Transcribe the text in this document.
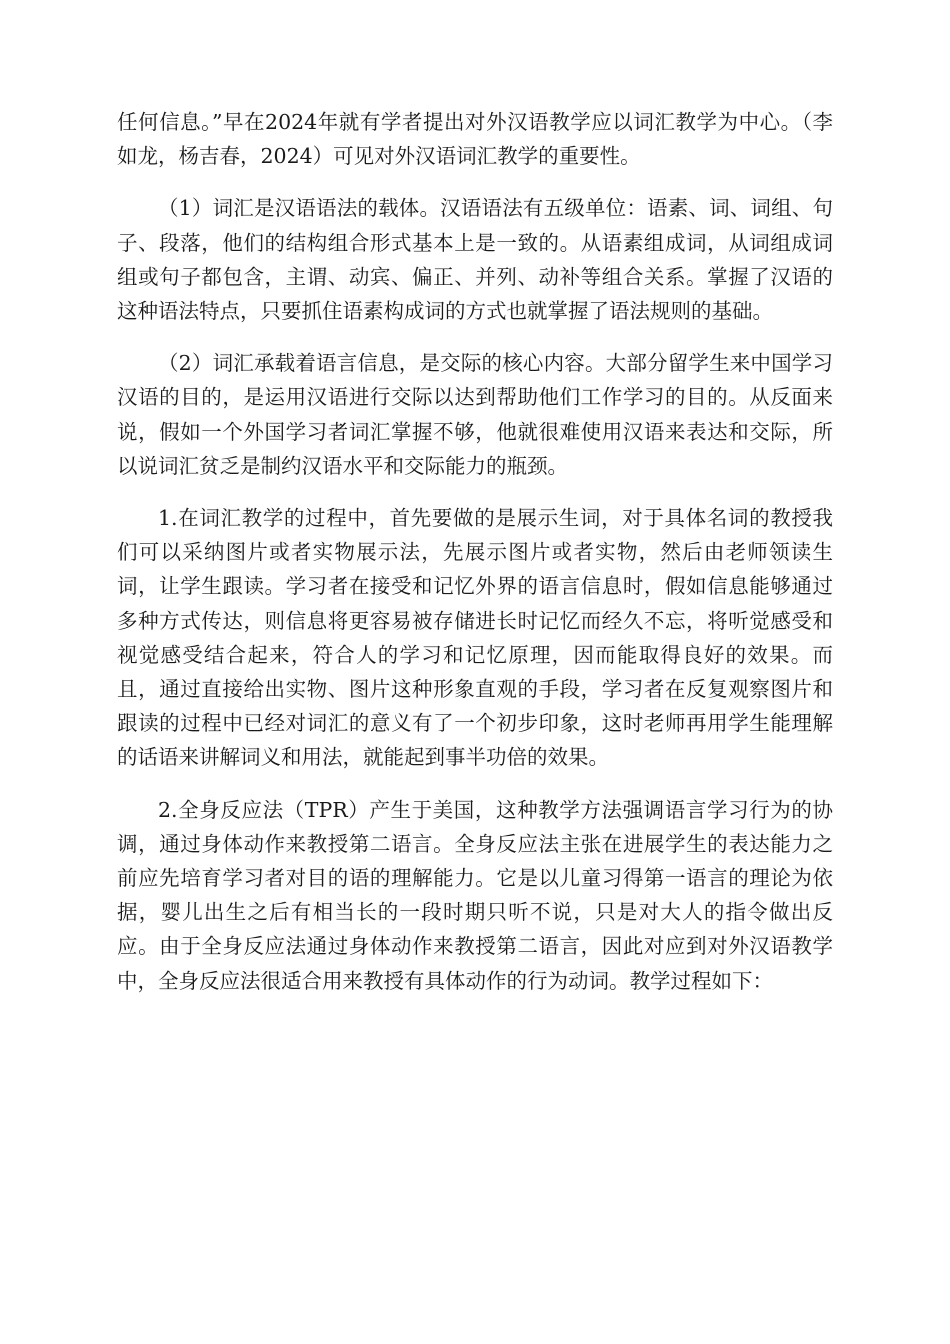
任何信息。”早在2024年就有学者提出对外汉语教学应以词汇教学为中心。（李如龙，杨吉春，2024）可见对外汉语词汇教学的重要性。

（1）词汇是汉语语法的载体。汉语语法有五级单位：语素、词、词组、句子、段落，他们的结构组合形式基本上是一致的。从语素组成词，从词组成词组或句子都包含，主谓、动宾、偏正、并列、动补等组合关系。掌握了汉语的这种语法特点，只要抓住语素构成词的方式也就掌握了语法规则的基础。

（2）词汇承载着语言信息，是交际的核心内容。大部分留学生来中国学习汉语的目的，是运用汉语进行交际以达到帮助他们工作学习的目的。从反面来说，假如一个外国学习者词汇掌握不够，他就很难使用汉语来表达和交际，所以说词汇贫乏是制约汉语水平和交际能力的瓶颈。

1.在词汇教学的过程中，首先要做的是展示生词，对于具体名词的教授我们可以采纳图片或者实物展示法，先展示图片或者实物，然后由老师领读生词，让学生跟读。学习者在接受和记忆外界的语言信息时，假如信息能够通过多种方式传达，则信息将更容易被存储进长时记忆而经久不忘，将听觉感受和视觉感受结合起来，符合人的学习和记忆原理，因而能取得良好的效果。而且，通过直接给出实物、图片这种形象直观的手段，学习者在反复观察图片和跟读的过程中已经对词汇的意义有了一个初步印象，这时老师再用学生能理解的话语来讲解词义和用法，就能起到事半功倍的效果。

2.全身反应法（TPR）产生于美国，这种教学方法强调语言学习行为的协调，通过身体动作来教授第二语言。全身反应法主张在进展学生的表达能力之前应先培育学习者对目的语的理解能力。它是以儿童习得第一语言的理论为依据，婴儿出生之后有相当长的一段时期只听不说，只是对大人的指令做出反应。由于全身反应法通过身体动作来教授第二语言，因此对应到对外汉语教学中，全身反应法很适合用来教授有具体动作的行为动词。教学过程如下：
